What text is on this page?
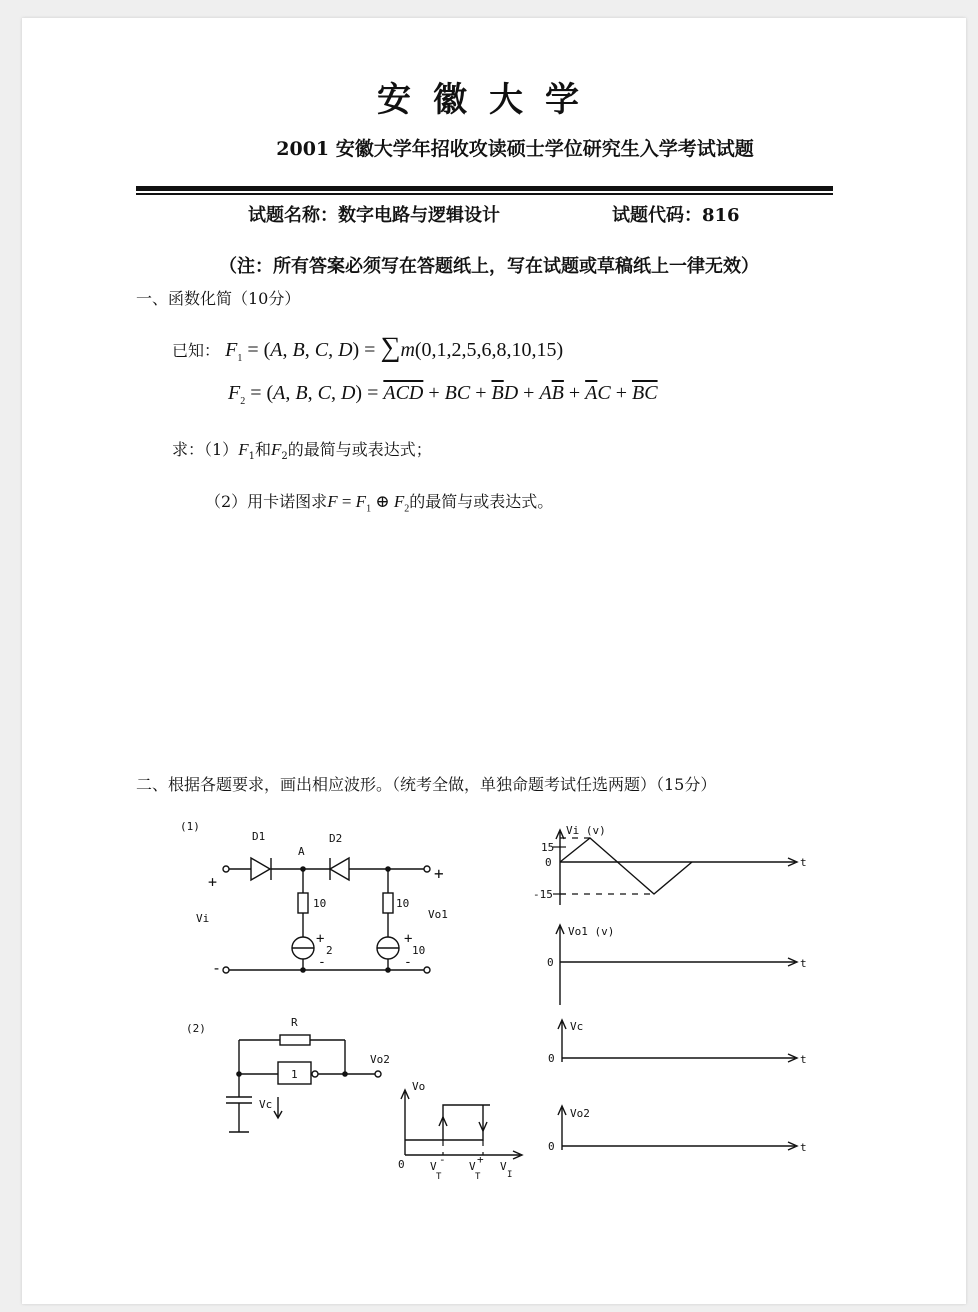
安徽大学
2001 安徽大学年招收攻读硕士学位研究生入学考试试题
试题名称：数字电路与逻辑设计	试题代码：816
（注：所有答案必须写在答题纸上，写在试题或草稿纸上一律无效）
一、函数化简（10分）
已知： $F_1 = (A$, B, C, D) = ∑m(0,1,2,5,6,8,10,15)
$F_2 = (A$, B, C, $D) = \overline{ACD}$ + BC + $\overline{B}D + A\overline{B} + \overline{A}C + \overline{BC}$
求：$(1)F_1$和$F_2$的最简与或表达式；
（2）用卡诺图求$F = F_1$ ⊕ $F_2$的最简与或表达式。
二、根据各题要求，画出相应波形。（统考全做，单独命题考试任选两题）（15分）
(1)
D1	D2
A
+	+
-
Vi	Vo1
10	10
+
2
-
+
10
-
(2)	R
1
Vo2
Vc
Vo
0 V
-
T
V
+
T
V
I
Vi (v)
15
0
-15
t
Vo1 (v)
0	t
Vc
0	t
Vo2
0	t
